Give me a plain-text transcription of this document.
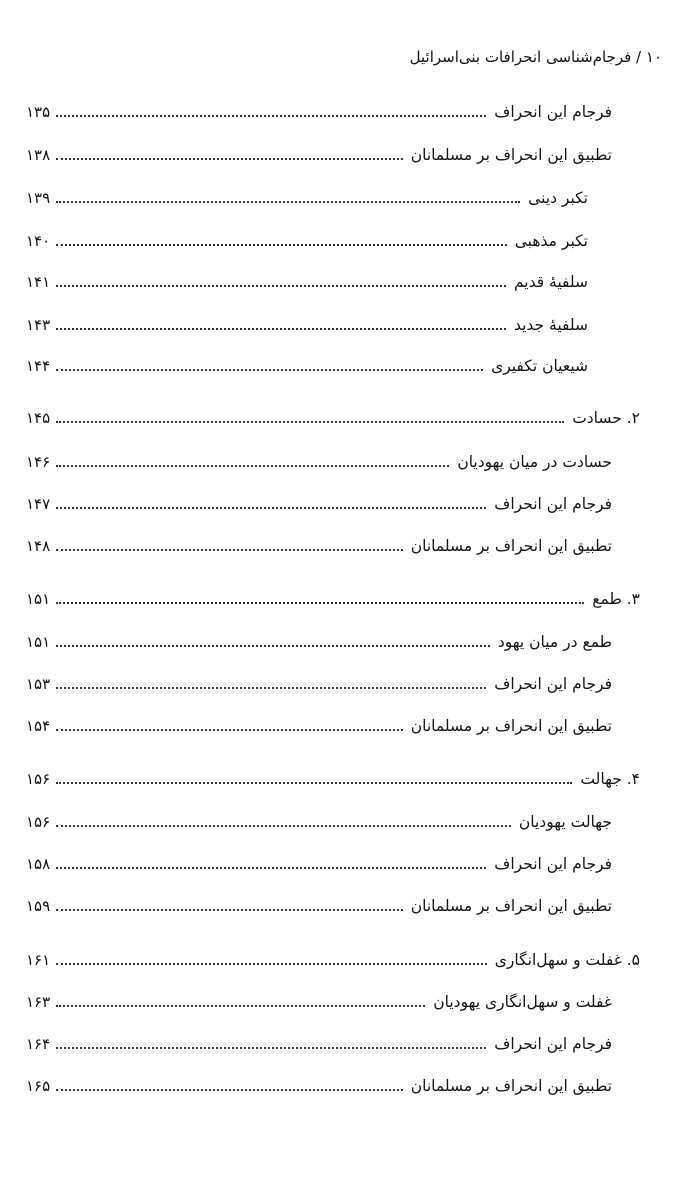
۱۰ / فرجام‌شناسی انحرافات بنی‌اسرائیل
فرجام این انحراف
۱۳۵
تطبیق این انحراف بر مسلمانان
۱۳۸
تکبر دینی
۱۳۹
تکبر مذهبی
۱۴۰
سلفیهٔ قدیم
۱۴۱
سلفیهٔ جدید
۱۴۳
شیعیان تکفیری
۱۴۴
۲. حسادت
۱۴۵
حسادت در میان یهودیان
۱۴۶
فرجام این انحراف
۱۴۷
تطبیق این انحراف بر مسلمانان
۱۴۸
۳. طمع
۱۵۱
طمع در میان یهود
۱۵۱
فرجام این انحراف
۱۵۳
تطبیق این انحراف بر مسلمانان
۱۵۴
۴. جهالت
۱۵۶
جهالت یهودیان
۱۵۶
فرجام این انحراف
۱۵۸
تطبیق این انحراف بر مسلمانان
۱۵۹
۵. غفلت و سهل‌انگاری
۱۶۱
غفلت و سهل‌انگاری یهودیان
۱۶۳
فرجام این انحراف
۱۶۴
تطبیق این انحراف بر مسلمانان
۱۶۵
